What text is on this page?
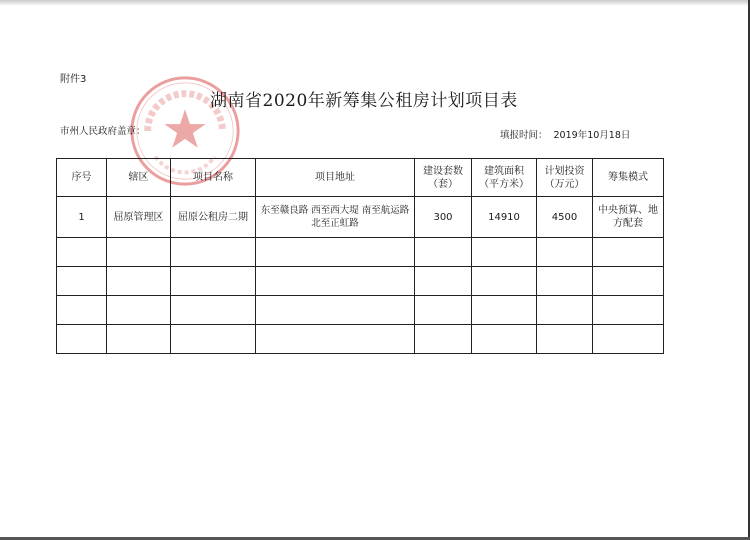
附件3
湖南省2020年新筹集公租房计划项目表
市州人民政府盖章：	填报时间： 2019年10月18日
序号	辖区	项目名称	项目地址	建设套数（套）	建筑面积（平方米）	计划投资（万元）	筹集模式
1	屈原管理区	屈原公租房二期	东至赣良路 西至西大堤 南至航运路北至正虹路	300	14910	4500	中央预算、地方配套
